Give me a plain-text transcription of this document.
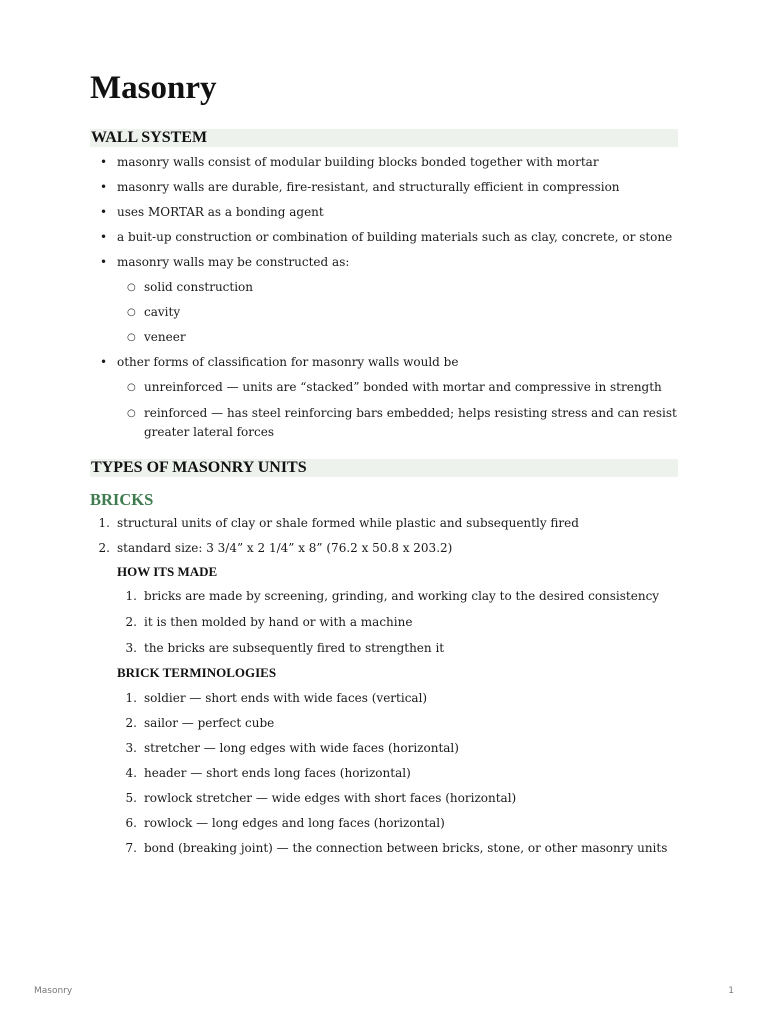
Masonry
WALL SYSTEM
• masonry walls consist of modular building blocks bonded together with mortar
• masonry walls are durable, fire-resistant, and structurally efficient in compression
• uses MORTAR as a bonding agent
• a buit-up construction or combination of building materials such as clay, concrete, or stone
• masonry walls may be constructed as:
○ solid construction
○ cavity
○ veneer
• other forms of classification for masonry walls would be
○ unreinforced — units are “stacked” bonded with mortar and compressive in strength
○ reinforced — has steel reinforcing bars embedded; helps resisting stress and can resist greater lateral forces
TYPES OF MASONRY UNITS
BRICKS
1. structural units of clay or shale formed while plastic and subsequently fired
2. standard size: 3 3/4” x 2 1/4” x 8” (76.2 x 50.8 x 203.2)
HOW ITS MADE
1. bricks are made by screening, grinding, and working clay to the desired consistency
2. it is then molded by hand or with a machine
3. the bricks are subsequently fired to strengthen it
BRICK TERMINOLOGIES
1. soldier — short ends with wide faces (vertical)
2. sailor — perfect cube
3. stretcher — long edges with wide faces (horizontal)
4. header — short ends long faces (horizontal)
5. rowlock stretcher — wide edges with short faces (horizontal)
6. rowlock — long edges and long faces (horizontal)
7. bond (breaking joint) — the connection between bricks, stone, or other masonry units
Masonry	1
